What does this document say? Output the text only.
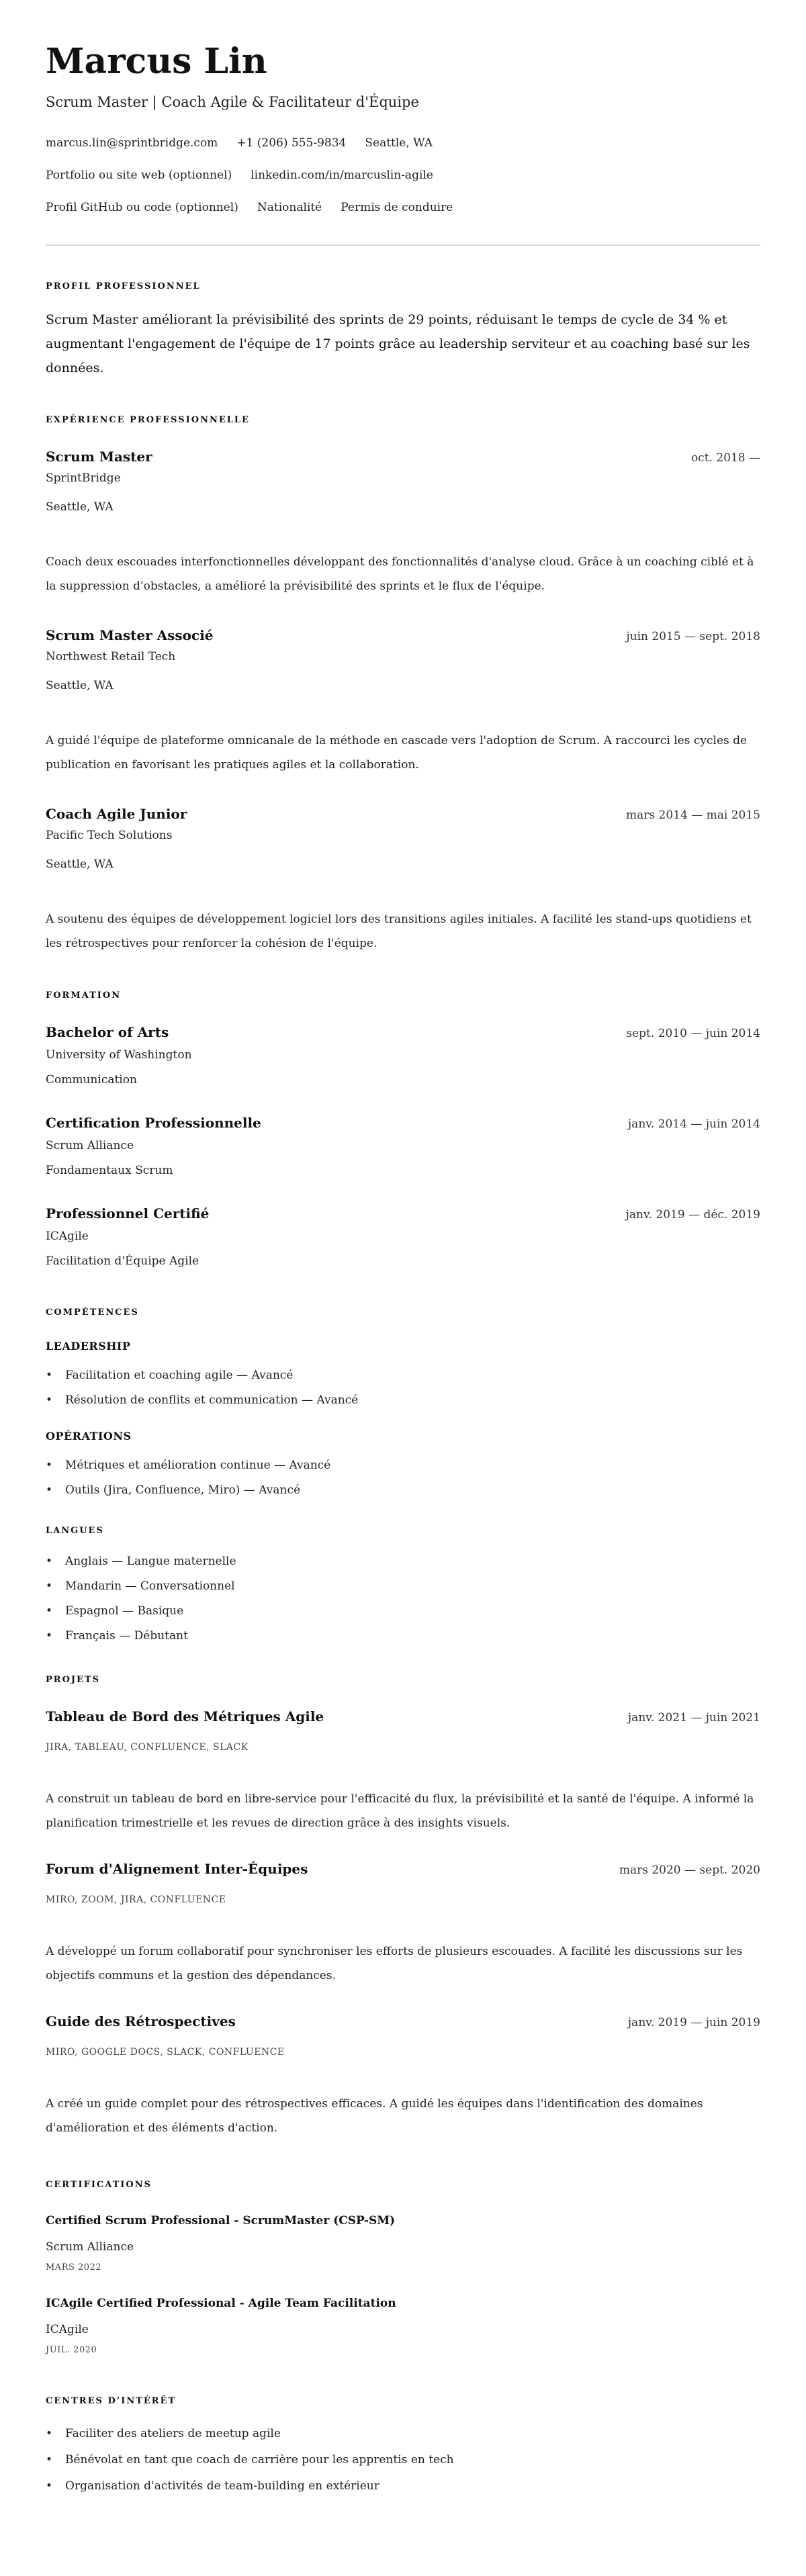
Marcus Lin
Scrum Master | Coach Agile & Facilitateur d'Équipe
marcus.lin@sprintbridge.com +1 (206) 555-9834 Seattle, WA
Portfolio ou site web (optionnel) linkedin.com/in/marcuslin-agile
Profil GitHub ou code (optionnel) Nationalité Permis de conduire
PROFIL PROFESSIONNEL

Scrum Master améliorant la prévisibilité des sprints de 29 points, réduisant le temps de cycle de 34 % et augmentant l'engagement de l'équipe de 17 points grâce au leadership serviteur et au coaching basé sur les données.

EXPÉRIENCE PROFESSIONNELLE
Scrum Master	oct. 2018 —
SprintBridge
Seattle, WA

Coach deux escouades interfonctionnelles développant des fonctionnalités d'analyse cloud. Grâce à un coaching ciblé et à la suppression d'obstacles, a amélioré la prévisibilité des sprints et le flux de l'équipe.

Scrum Master Associé	juin 2015 — sept. 2018
Northwest Retail Tech
Seattle, WA

A guidé l'équipe de plateforme omnicanale de la méthode en cascade vers l'adoption de Scrum. A raccourci les cycles de publication en favorisant les pratiques agiles et la collaboration.

Coach Agile Junior	mars 2014 — mai 2015
Pacific Tech Solutions
Seattle, WA

A soutenu des équipes de développement logiciel lors des transitions agiles initiales. A facilité les stand-ups quotidiens et les rétrospectives pour renforcer la cohésion de l'équipe.

FORMATION
Bachelor of Arts	sept. 2010 — juin 2014
University of Washington
Communication
Certification Professionnelle	janv. 2014 — juin 2014
Scrum Alliance
Fondamentaux Scrum
Professionnel Certifié	janv. 2019 — déc. 2019
ICAgile
Facilitation d'Équipe Agile
COMPÉTENCES
LEADERSHIP
• Facilitation et coaching agile — Avancé
• Résolution de conflits et communication — Avancé
OPÉRATIONS
• Métriques et amélioration continue — Avancé
• Outils (Jira, Confluence, Miro) — Avancé
LANGUES
• Anglais — Langue maternelle
• Mandarin — Conversationnel
• Espagnol — Basique
• Français — Débutant
PROJETS
Tableau de Bord des Métriques Agile	janv. 2021 — juin 2021
JIRA, TABLEAU, CONFLUENCE, SLACK

A construit un tableau de bord en libre-service pour l'efficacité du flux, la prévisibilité et la santé de l'équipe. A informé la planification trimestrielle et les revues de direction grâce à des insights visuels.

Forum d'Alignement Inter-Équipes	mars 2020 — sept. 2020
MIRO, ZOOM, JIRA, CONFLUENCE

A développé un forum collaboratif pour synchroniser les efforts de plusieurs escouades. A facilité les discussions sur les objectifs communs et la gestion des dépendances.

Guide des Rétrospectives	janv. 2019 — juin 2019
MIRO, GOOGLE DOCS, SLACK, CONFLUENCE

A créé un guide complet pour des rétrospectives efficaces. A guidé les équipes dans l'identification des domaines d'amélioration et des éléments d'action.

CERTIFICATIONS
Certified Scrum Professional - ScrumMaster (CSP-SM)
Scrum Alliance
MARS 2022
ICAgile Certified Professional - Agile Team Facilitation
ICAgile
JUIL. 2020
CENTRES D’INTÉRÊT
• Faciliter des ateliers de meetup agile
• Bénévolat en tant que coach de carrière pour les apprentis en tech
• Organisation d'activités de team-building en extérieur
